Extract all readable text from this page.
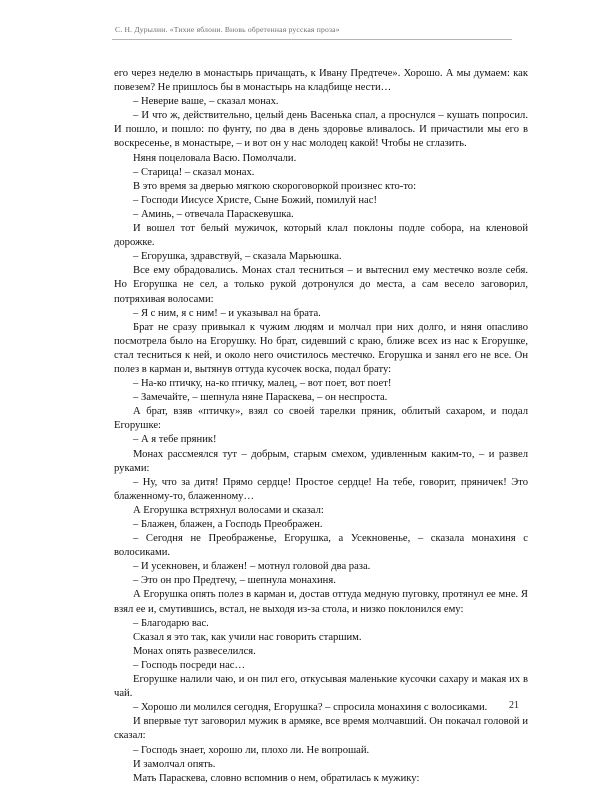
С. Н. Дурылин. «Тихие яблони. Вновь обретенная русская проза»

его через неделю в монастырь причащать, к Ивану Предтече». Хорошо. А мы думаем: как повезем? Не пришлось бы в монастырь на кладбище нести…

– Неверие ваше, – сказал монах.

– И что ж, действительно, целый день Васенька спал, а проснулся – кушать попросил. И пошло, и пошло: по фунту, по два в день здоровье вливалось. И причастили мы его в воскресенье, в монастыре, – и вот он у нас молодец какой! Чтобы не сглазить.

Няня поцеловала Васю. Помолчали.

– Старица! – сказал монах.

В это время за дверью мягкою скороговоркой произнес кто-то:

– Господи Иисусе Христе, Сыне Божий, помилуй нас!

– Аминь, – отвечала Параскевушка.

И вошел тот белый мужичок, который клал поклоны подле собора, на кленовой дорожке.

– Егорушка, здравствуй, – сказала Марьюшка.

Все ему обрадовались. Монах стал тесниться – и вытеснил ему местечко возле себя. Но Егорушка не сел, а только рукой дотронулся до места, а сам весело заговорил, потряхивая волосами:

– Я с ним, я с ним! – и указывал на брата.

Брат не сразу привыкал к чужим людям и молчал при них долго, и няня опасливо посмотрела было на Егорушку. Но брат, сидевший с краю, ближе всех из нас к Егорушке, стал тесниться к ней, и около него очистилось местечко. Егорушка и занял его не все. Он полез в карман и, вытянув оттуда кусочек воска, подал брату:

– На-ко птичку, на-ко птичку, малец, – вот поет, вот поет!

– Замечайте, – шепнула няне Параскева, – он неспроста.

А брат, взяв «птичку», взял со своей тарелки пряник, облитый сахаром, и подал Егорушке:

– А я тебе пряник!

Монах рассмеялся тут – добрым, старым смехом, удивленным каким-то, – и развел руками:

– Ну, что за дитя! Прямо сердце! Простое сердце! На тебе, говорит, пряничек! Это блаженному-то, блаженному…

А Егорушка встряхнул волосами и сказал:

– Блажен, блажен, а Господь Преображен.

– Сегодня не Преображенье, Егорушка, а Усекновенье, – сказала монахиня с волосиками.

– И усекновен, и блажен! – мотнул головой два раза.

– Это он про Предтечу, – шепнула монахиня.

А Егорушка опять полез в карман и, достав оттуда медную пуговку, протянул ее мне. Я взял ее и, смутившись, встал, не выходя из-за стола, и низко поклонился ему:

– Благодарю вас.

Сказал я это так, как учили нас говорить старшим.

Монах опять развеселился.

– Господь посреди нас…

Егорушке налили чаю, и он пил его, откусывая маленькие кусочки сахару и макая их в чай.

– Хорошо ли молился сегодня, Егорушка? – спросила монахиня с волосиками.

И впервые тут заговорил мужик в армяке, все время молчавший. Он покачал головой и сказал:

– Господь знает, хорошо ли, плохо ли. Не вопрошай.

И замолчал опять.

Мать Параскева, словно вспомнив о нем, обратилась к мужику:

21
